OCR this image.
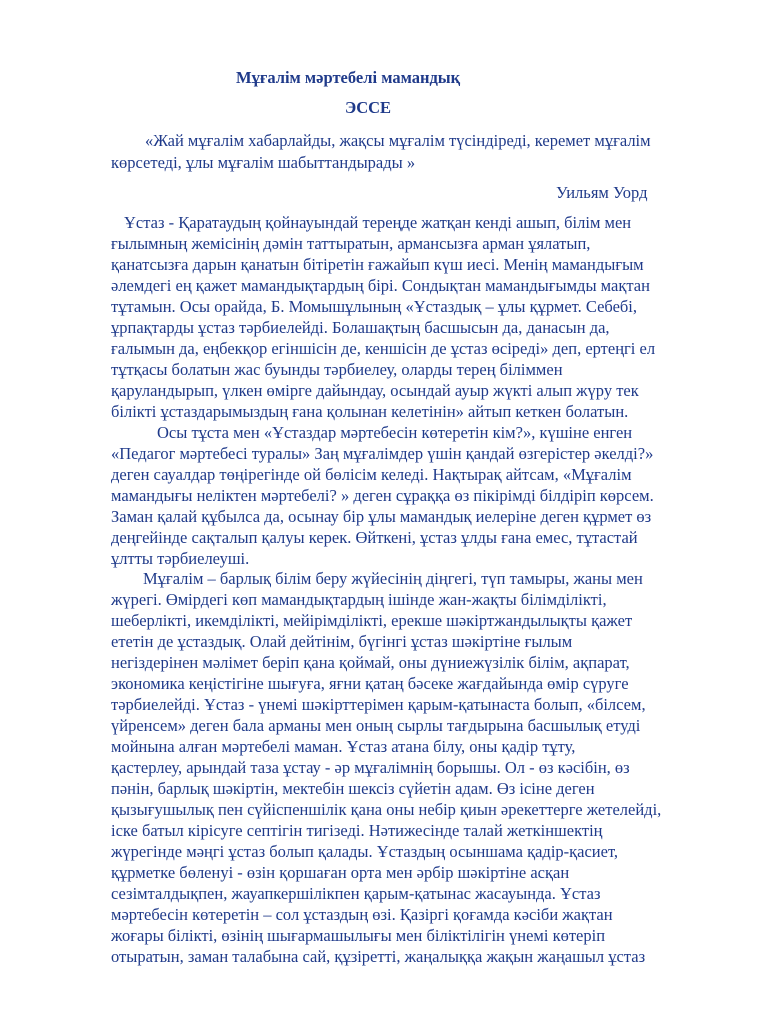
Мұғалім мәртебелі мамандық
ЭССЕ
«Жай мұғалім хабарлайды, жақсы мұғалім түсіндіреді, керемет мұғалім
көрсетеді, ұлы мұғалім шабыттандырады »
Уильям Уорд
Ұстаз - Қаратаудың қойнауындай тереңде жатқан кенді ашып, білім мен
ғылымның жемісінің дәмін таттыратын, армансызға арман ұялатып,
қанатсызға дарын қанатын бітіретін ғажайып күш иесі. Менің мамандығым
әлемдегі ең қажет мамандықтардың бірі. Сондықтан мамандығымды мақтан
тұтамын. Осы орайда, Б. Момышұлының «Ұстаздық – ұлы құрмет. Себебі,
ұрпақтарды ұстаз тәрбиелейді. Болашақтың басшысын да, данасын да,
ғалымын да, еңбекқор егіншісін де, кеншісін де ұстаз өсіреді» деп, ертеңгі ел
тұтқасы болатын жас буынды тәрбиелеу, оларды терең біліммен
қаруландырып, үлкен өмірге дайындау, осындай ауыр жүкті алып жүру тек
білікті ұстаздарымыздың ғана қолынан келетінін» айтып кеткен болатын.
Осы тұста мен «Ұстаздар мәртебесін көтеретін кім?», күшіне енген
«Педагог мәртебесі туралы» Заң мұғалімдер үшін қандай өзгерістер әкелді?»
деген сауалдар төңірегінде ой бөлісім келеді. Нақтырақ айтсам, «Мұғалім
мамандығы неліктен мәртебелі? » деген сұраққа өз пікірімді білдіріп көрсем.
Заман қалай құбылса да, осынау бір ұлы мамандық иелеріне деген құрмет өз
деңгейінде сақталып қалуы керек. Өйткені, ұстаз ұлды ғана емес, тұтастай
ұлтты тәрбиелеуші.
Мұғалім – барлық білім беру жүйесінің діңгегі, түп тамыры, жаны мен
жүрегі. Өмірдегі көп мамандықтардың ішінде жан-жақты білімділікті,
шеберлікті, икемділікті, мейірімділікті, ерекше шәкіртжандылықты қажет
ететін де ұстаздық. Олай дейтінім, бүгінгі ұстаз шәкіртіне ғылым
негіздерінен мәлімет беріп қана қоймай, оны дүниежүзілік білім, ақпарат,
экономика кеңістігіне шығуға, яғни қатаң бәсеке жағдайында өмір сүруге
тәрбиелейді. Ұстаз - үнемі шәкірттерімен қарым-қатынаста болып, «білсем,
үйренсем» деген бала арманы мен оның сырлы тағдырына басшылық етуді
мойнына алған мәртебелі маман. Ұстаз атана білу, оны қадір тұту,
қастерлеу, арындай таза ұстау - әр мұғалімнің борышы. Ол - өз кәсібін, өз
пәнін, барлық шәкіртін, мектебін шексіз сүйетін адам. Өз ісіне деген
қызығушылық пен сүйіспеншілік қана оны небір қиын әрекеттерге жетелейді,
іске батыл кірісуге септігін тигізеді. Нәтижесінде талай жеткіншектің
жүрегінде мәңгі ұстаз болып қалады. Ұстаздың осыншама қадір-қасиет,
құрметке бөленуі - өзін қоршаған орта мен әрбір шәкіртіне асқан
сезімталдықпен, жауапкершілікпен қарым-қатынас жасауында. Ұстаз
мәртебесін көтеретін – сол ұстаздың өзі. Қазіргі қоғамда кәсіби жақтан
жоғары білікті, өзінің шығармашылығы мен біліктілігін үнемі көтеріп
отыратын, заман талабына сай, құзіретті, жаңалыққа жақын жаңашыл ұстаз
